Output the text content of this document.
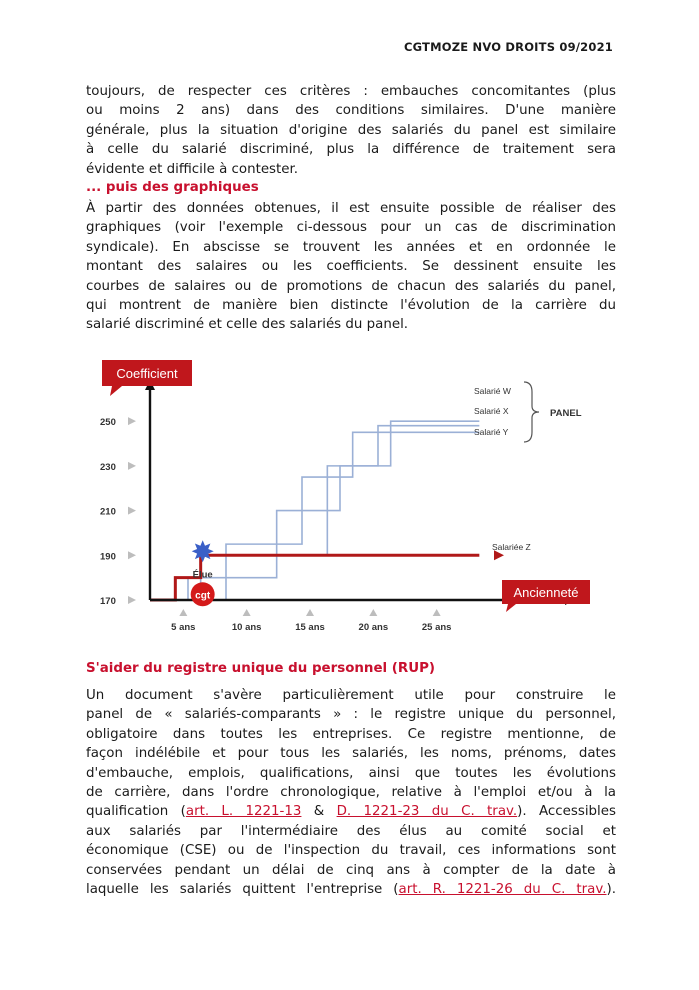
CGTMOZE NVO DROITS 09/2021

toujours, de respecter ces critères : embauches concomitantes (plus
ou moins 2 ans) dans des conditions similaires. D'une manière
générale, plus la situation d'origine des salariés du panel est similaire
à celle du salarié discriminé, plus la différence de traitement sera
évidente et difficile à contester.

... puis des graphiques

À partir des données obtenues, il est ensuite possible de réaliser des
graphiques (voir l'exemple ci-dessous pour un cas de discrimination
syndicale). En abscisse se trouvent les années et en ordonnée le
montant des salaires ou les coefficients. Se dessinent ensuite les
courbes de salaires ou de promotions de chacun des salariés du panel,
qui montrent de manière bien distincte l'évolution de la carrière du
salarié discriminé et celle des salariés du panel.

Coefficient
Ancienneté
250
230
210
190
170
5 ans	10 ans	15 ans	20 ans	25 ans
Salarié W
Salarié X
Salarié Y
Salariée Z
PANEL
Élue
cgt
S'aider du registre unique du personnel (RUP)

Un document s'avère particulièrement utile pour construire le
panel de « salariés-comparants » : le registre unique du personnel,
obligatoire dans toutes les entreprises. Ce registre mentionne, de
façon indélébile et pour tous les salariés, les noms, prénoms, dates
d'embauche, emplois, qualifications, ainsi que toutes les évolutions
de carrière, dans l'ordre chronologique, relative à l'emploi et/ou à la
qualification (art. L. 1221-13 & D. 1221-23 du C. trav.). Accessibles
aux salariés par l'intermédiaire des élus au comité social et
économique (CSE) ou de l'inspection du travail, ces informations sont
conservées pendant un délai de cinq ans à compter de la date à
laquelle les salariés quittent l'entreprise (art. R. 1221-26 du C. trav.).
